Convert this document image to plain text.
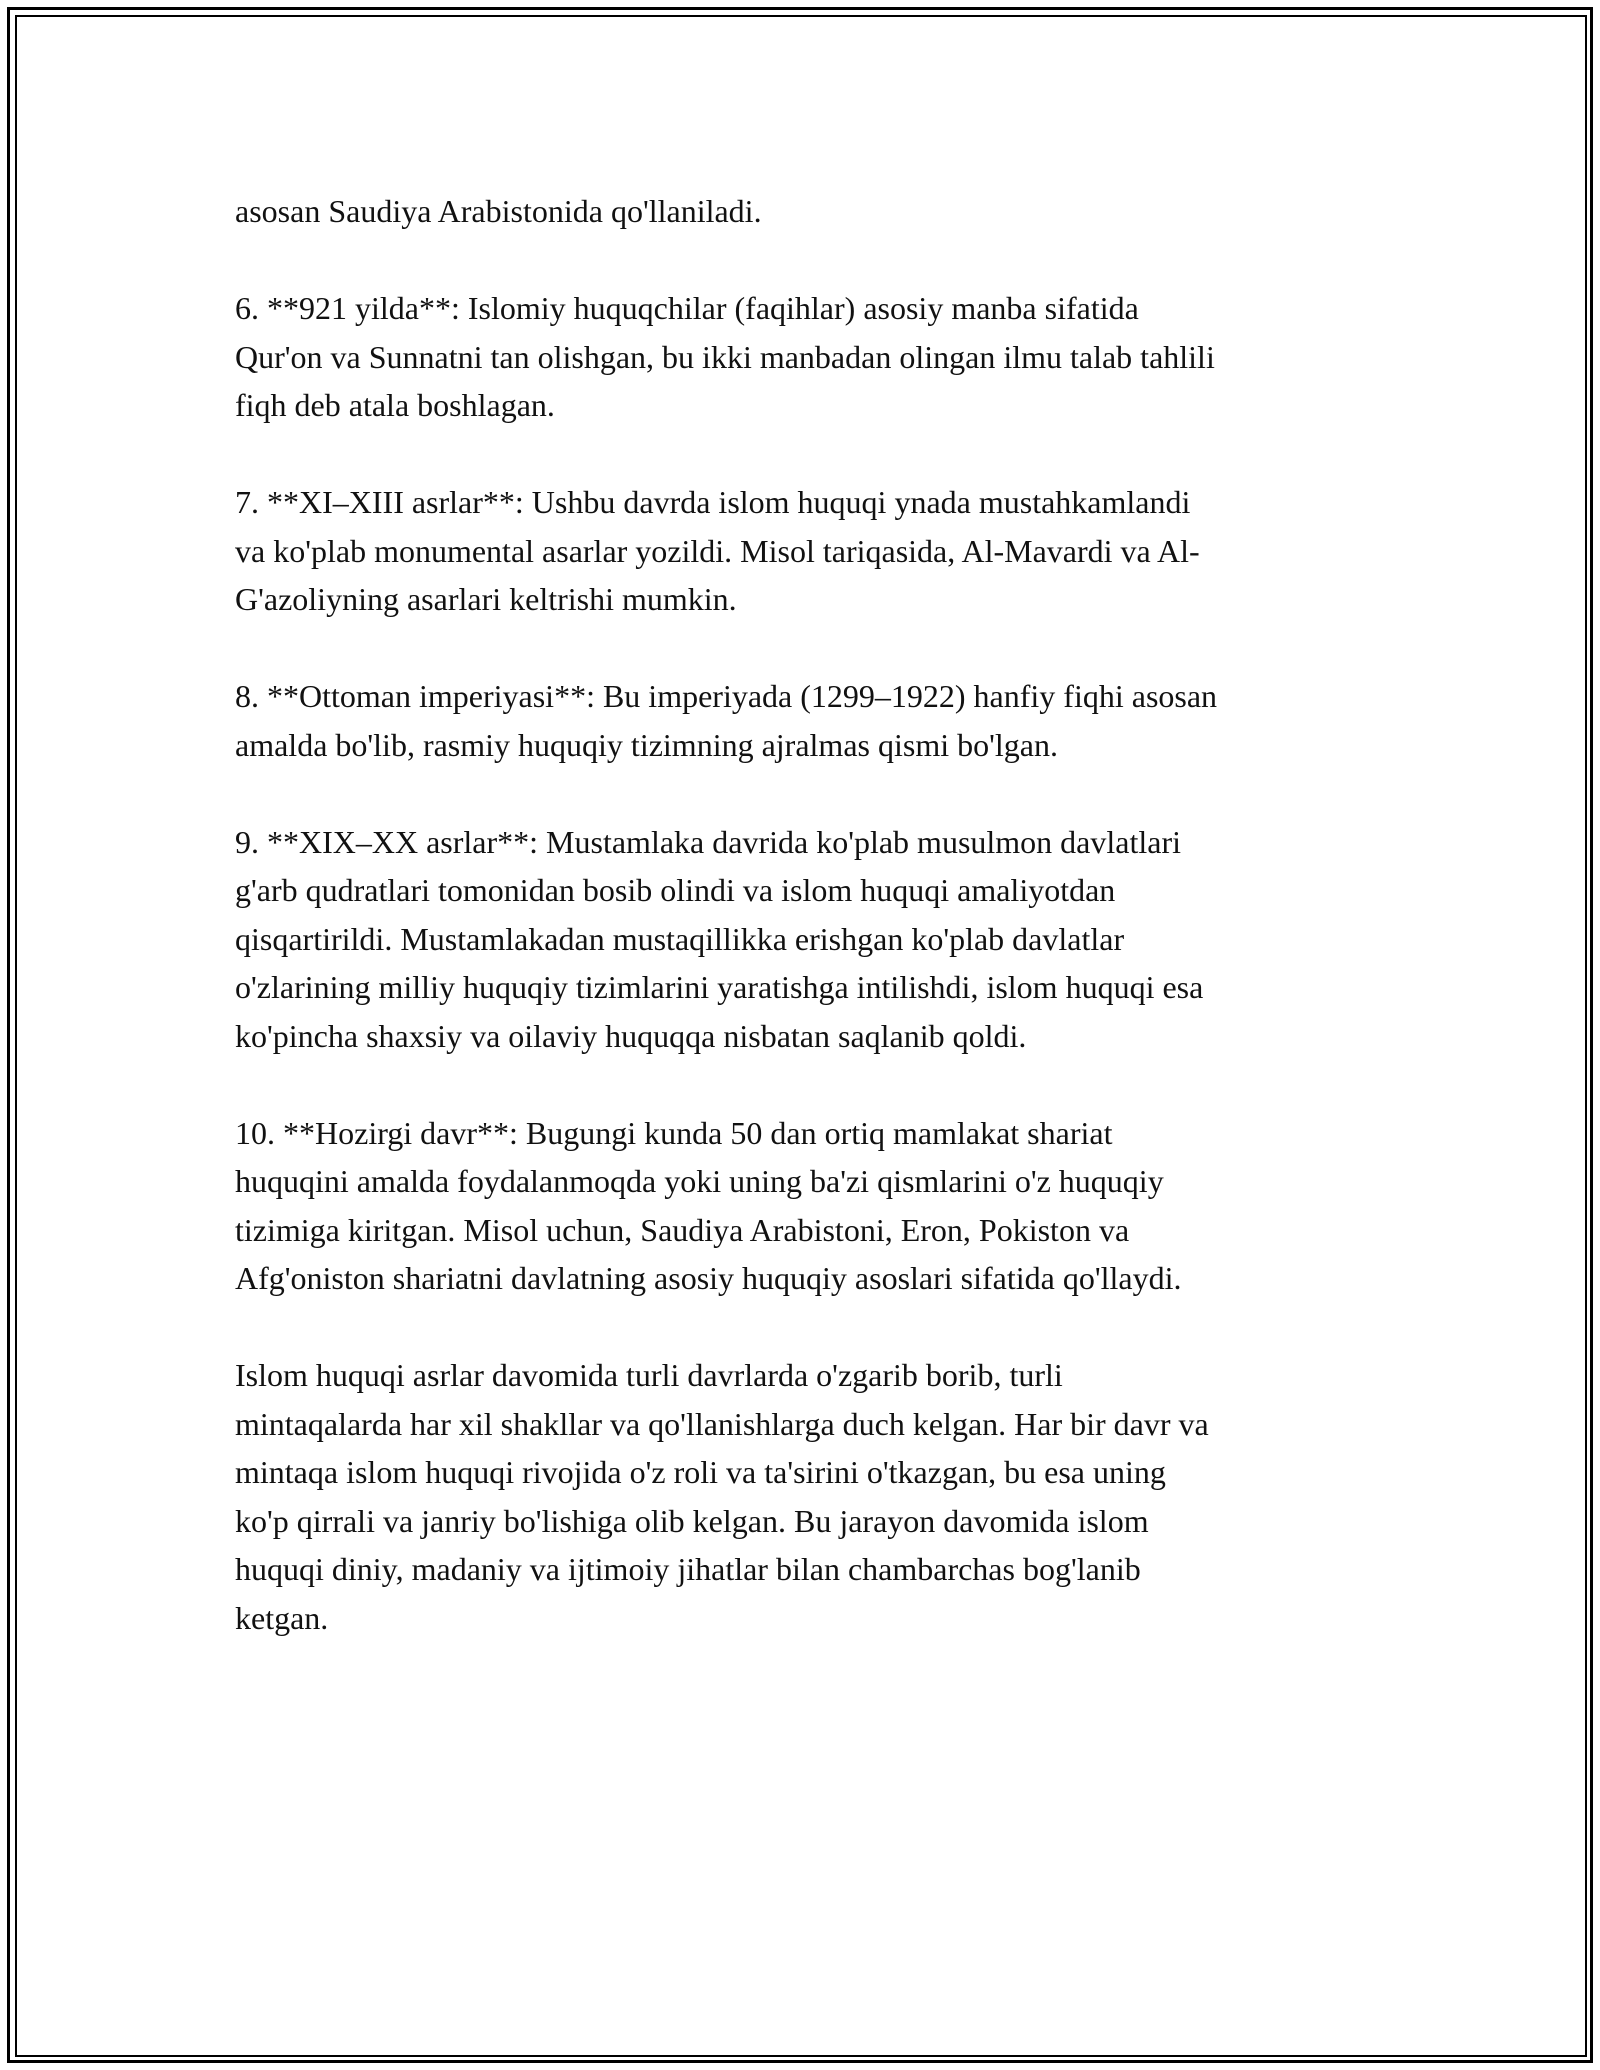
asosan Saudiya Arabistonida qo'llaniladi.

6. **921 yilda**: Islomiy huquqchilar (faqihlar) asosiy manba sifatida
Qur'on va Sunnatni tan olishgan, bu ikki manbadan olingan ilmu talab tahlili
fiqh deb atala boshlagan.

7. **XI–XIII asrlar**: Ushbu davrda islom huquqi ynada mustahkamlandi
va ko'plab monumental asarlar yozildi. Misol tariqasida, Al-Mavardi va Al-
G'azoliyning asarlari keltrishi mumkin.

8. **Ottoman imperiyasi**: Bu imperiyada (1299–1922) hanfiy fiqhi asosan
amalda bo'lib, rasmiy huquqiy tizimning ajralmas qismi bo'lgan.

9. **XIX–XX asrlar**: Mustamlaka davrida ko'plab musulmon davlatlari
g'arb qudratlari tomonidan bosib olindi va islom huquqi amaliyotdan
qisqartirildi. Mustamlakadan mustaqillikka erishgan ko'plab davlatlar
o'zlarining milliy huquqiy tizimlarini yaratishga intilishdi, islom huquqi esa
ko'pincha shaxsiy va oilaviy huquqqa nisbatan saqlanib qoldi.

10. **Hozirgi davr**: Bugungi kunda 50 dan ortiq mamlakat shariat
huquqini amalda foydalanmoqda yoki uning ba'zi qismlarini o'z huquqiy
tizimiga kiritgan. Misol uchun, Saudiya Arabistoni, Eron, Pokiston va
Afg'oniston shariatni davlatning asosiy huquqiy asoslari sifatida qo'llaydi.

Islom huquqi asrlar davomida turli davrlarda o'zgarib borib, turli
mintaqalarda har xil shakllar va qo'llanishlarga duch kelgan. Har bir davr va
mintaqa islom huquqi rivojida o'z roli va ta'sirini o'tkazgan, bu esa uning
ko'p qirrali va janriy bo'lishiga olib kelgan. Bu jarayon davomida islom
huquqi diniy, madaniy va ijtimoiy jihatlar bilan chambarchas bog'lanib
ketgan.
